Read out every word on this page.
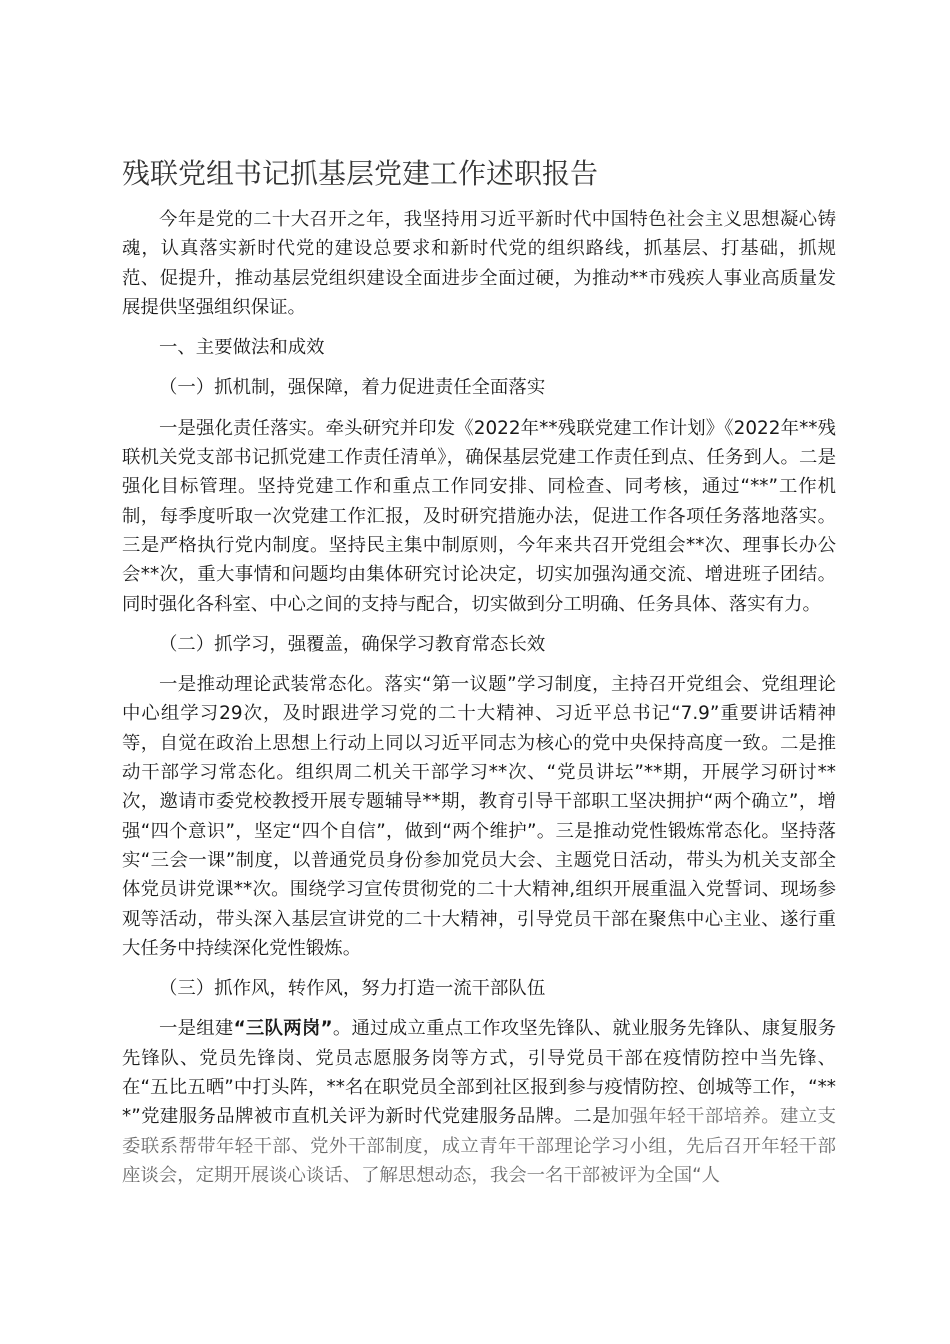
残联党组书记抓基层党建工作述职报告

今年是党的二十大召开之年，我坚持用习近平新时代中国特色社会主义思想凝心铸魂，认真落实新时代党的建设总要求和新时代党的组织路线，抓基层、打基础，抓规范、促提升，推动基层党组织建设全面进步全面过硬，为推动**市残疾人事业高质量发展提供坚强组织保证。

一、主要做法和成效

（一）抓机制，强保障，着力促进责任全面落实

一是强化责任落实。牵头研究并印发《2022年**残联党建工作计划》《2022年**残联机关党支部书记抓党建工作责任清单》，确保基层党建工作责任到点、任务到人。二是强化目标管理。坚持党建工作和重点工作同安排、同检查、同考核，通过“**”工作机制，每季度听取一次党建工作汇报，及时研究措施办法，促进工作各项任务落地落实。三是严格执行党内制度。坚持民主集中制原则，今年来共召开党组会**次、理事长办公会**次，重大事情和问题均由集体研究讨论决定，切实加强沟通交流、增进班子团结。同时强化各科室、中心之间的支持与配合，切实做到分工明确、任务具体、落实有力。

（二）抓学习，强覆盖，确保学习教育常态长效

一是推动理论武装常态化。落实“第一议题”学习制度，主持召开党组会、党组理论中心组学习29次，及时跟进学习党的二十大精神、习近平总书记“7.9”重要讲话精神等，自觉在政治上思想上行动上同以习近平同志为核心的党中央保持高度一致。二是推动干部学习常态化。组织周二机关干部学习**次、“党员讲坛”**期，开展学习研讨**次，邀请市委党校教授开展专题辅导**期，教育引导干部职工坚决拥护“两个确立”，增强“四个意识”，坚定“四个自信”，做到“两个维护”。三是推动党性锻炼常态化。坚持落实“三会一课”制度，以普通党员身份参加党员大会、主题党日活动，带头为机关支部全体党员讲党课**次。围绕学习宣传贯彻党的二十大精神,组织开展重温入党誓词、现场参观等活动，带头深入基层宣讲党的二十大精神，引导党员干部在聚焦中心主业、遂行重大任务中持续深化党性锻炼。

（三）抓作风，转作风，努力打造一流干部队伍

一是组建“三队两岗”。通过成立重点工作攻坚先锋队、就业服务先锋队、康复服务先锋队、党员先锋岗、党员志愿服务岗等方式，引导党员干部在疫情防控中当先锋、在“五比五晒”中打头阵，**名在职党员全部到社区报到参与疫情防控、创城等工作，“***”党建服务品牌被市直机关评为新时代党建服务品牌。二是加强年轻干部培养。建立支委联系帮带年轻干部、党外干部制度，成立青年干部理论学习小组，先后召开年轻干部座谈会，定期开展谈心谈话、了解思想动态，我会一名干部被评为全国“人
